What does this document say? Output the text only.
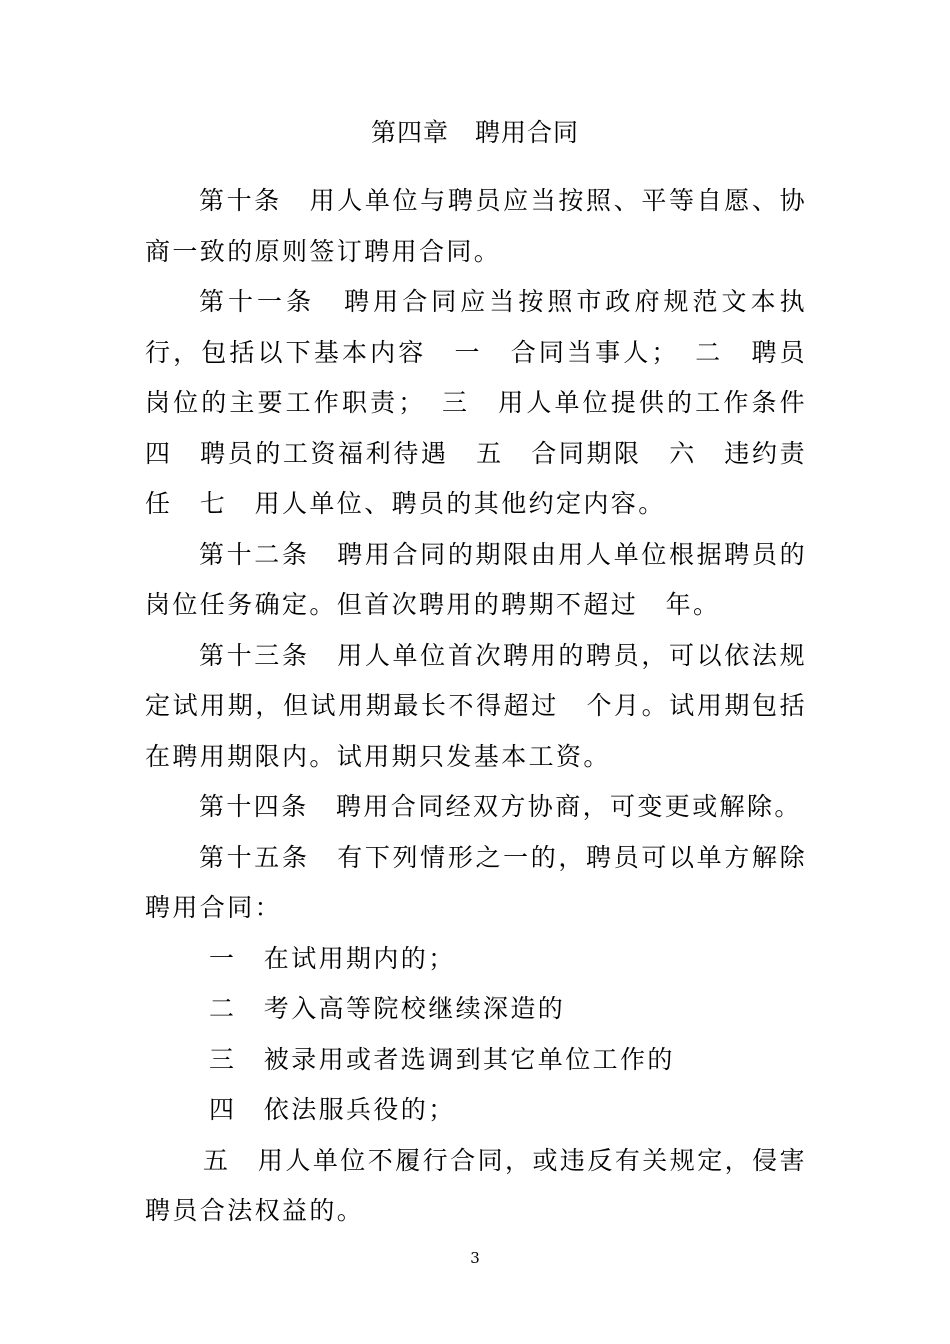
第四章　聘用合同

第十条　用人单位与聘员应当按照、平等自愿、协商一致的原则签订聘用合同。

第十一条　聘用合同应当按照市政府规范文本执行，包括以下基本内容　一　合同当事人；　二　聘员岗位的主要工作职责；　三　用人单位提供的工作条件　四　聘员的工资福利待遇　五　合同期限　六　违约责任　七　用人单位、聘员的其他约定内容。

第十二条　聘用合同的期限由用人单位根据聘员的岗位任务确定。但首次聘用的聘期不超过　年。

第十三条　用人单位首次聘用的聘员，可以依法规定试用期，但试用期最长不得超过　个月。试用期包括在聘用期限内。试用期只发基本工资。

第十四条　聘用合同经双方协商，可变更或解除。

第十五条　有下列情形之一的，聘员可以单方解除聘用合同：

一　在试用期内的；

二　考入高等院校继续深造的

三　被录用或者选调到其它单位工作的

四　依法服兵役的；

五　用人单位不履行合同，或违反有关规定，侵害聘员合法权益的。

3
